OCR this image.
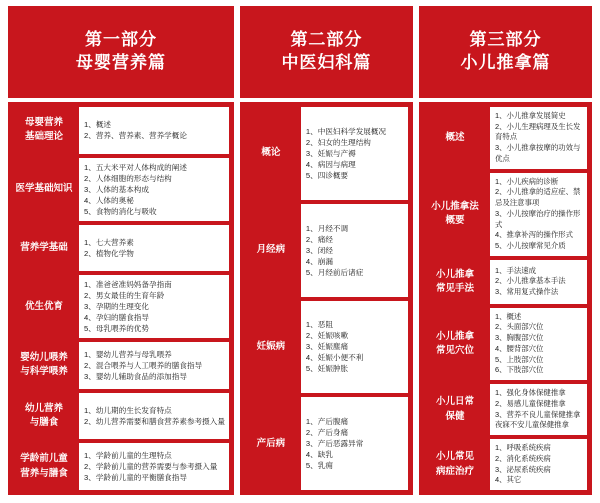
第一部分
母婴营养篇
母婴营养
基础理论
1、概述
2、营养、营养素、营养学概论
医学基础知识
1、五大米平对人体构成的阐述
2、人体细胞的形态与结构
3、人体的基本构成
4、人体的奥秘
5、食物的消化与吸收
营养学基础 1、七大营养素
2、植物化学物
优生优育
1、准爸爸准妈妈备孕指南
2、男女最佳的生育年龄
3、孕期的生理变化
4、孕妇的膳食指导
5、母乳喂养的优势
婴幼儿喂养
与科学喂养
1、婴幼儿营养与母乳喂养
2、混合喂养与人工喂养的膳食指导
3、婴幼儿辅助食品的添加指导
幼儿营养
与膳食
1、幼儿期的生长发育特点
2、幼儿营养需要和膳食营养素参考摄入量
学龄前儿童
营养与膳食
1、学龄前儿童的生理特点
2、学龄前儿童的营养需要与参考摄入量
3、学龄前儿童的平衡膳食指导
第二部分
中医妇科篇
概论
1、中医妇科学发展概况
2、妇女的生理结构
3、妊娠与产褥
4、病因与病理
5、四诊概要
月经病
1、月经不调
2、痛经
3、闭经
4、崩漏
5、月经前后诸症
妊娠病
1、恶阻
2、妊娠咳嗽
3、妊娠塵痛
4、妊娠小便不利
5、妊娠肿胀
产后病
1、产后腹痛
2、产后身痛
3、产后恶露异常
4、缺乳
5、乳痈
第三部分
小儿推拿篇
概述
1、小儿推拿发展简史
2、小儿生理病理及生长发育特点
3、小儿推拿按摩的功效与优点
小儿推拿法
概要
1、小儿疾病的诊断
2、小儿推拿的适应症、禁忌及注意事项
3、小儿按摩治疗的操作形式
4、推拿补泻的操作形式
5、小儿按摩常见介质
小儿推拿
常见手法
1、手法速成
2、小儿推拿基本手法
3、常用复式操作法
小儿推拿
常见穴位
1、概述
2、头面部穴位
3、胸腹部穴位
4、腰背部穴位
5、上肢部穴位
6、下肢部穴位
小儿日常
保健
1、强化身体保健推拿
2、易感儿童保健推拿
3、营养不良儿童保健推拿
夜寐不安儿童保健推拿
小儿常见
病症治疗
1、呼吸系统疾病
2、消化系统疾病
3、泌尿系统疾病
4、其它
